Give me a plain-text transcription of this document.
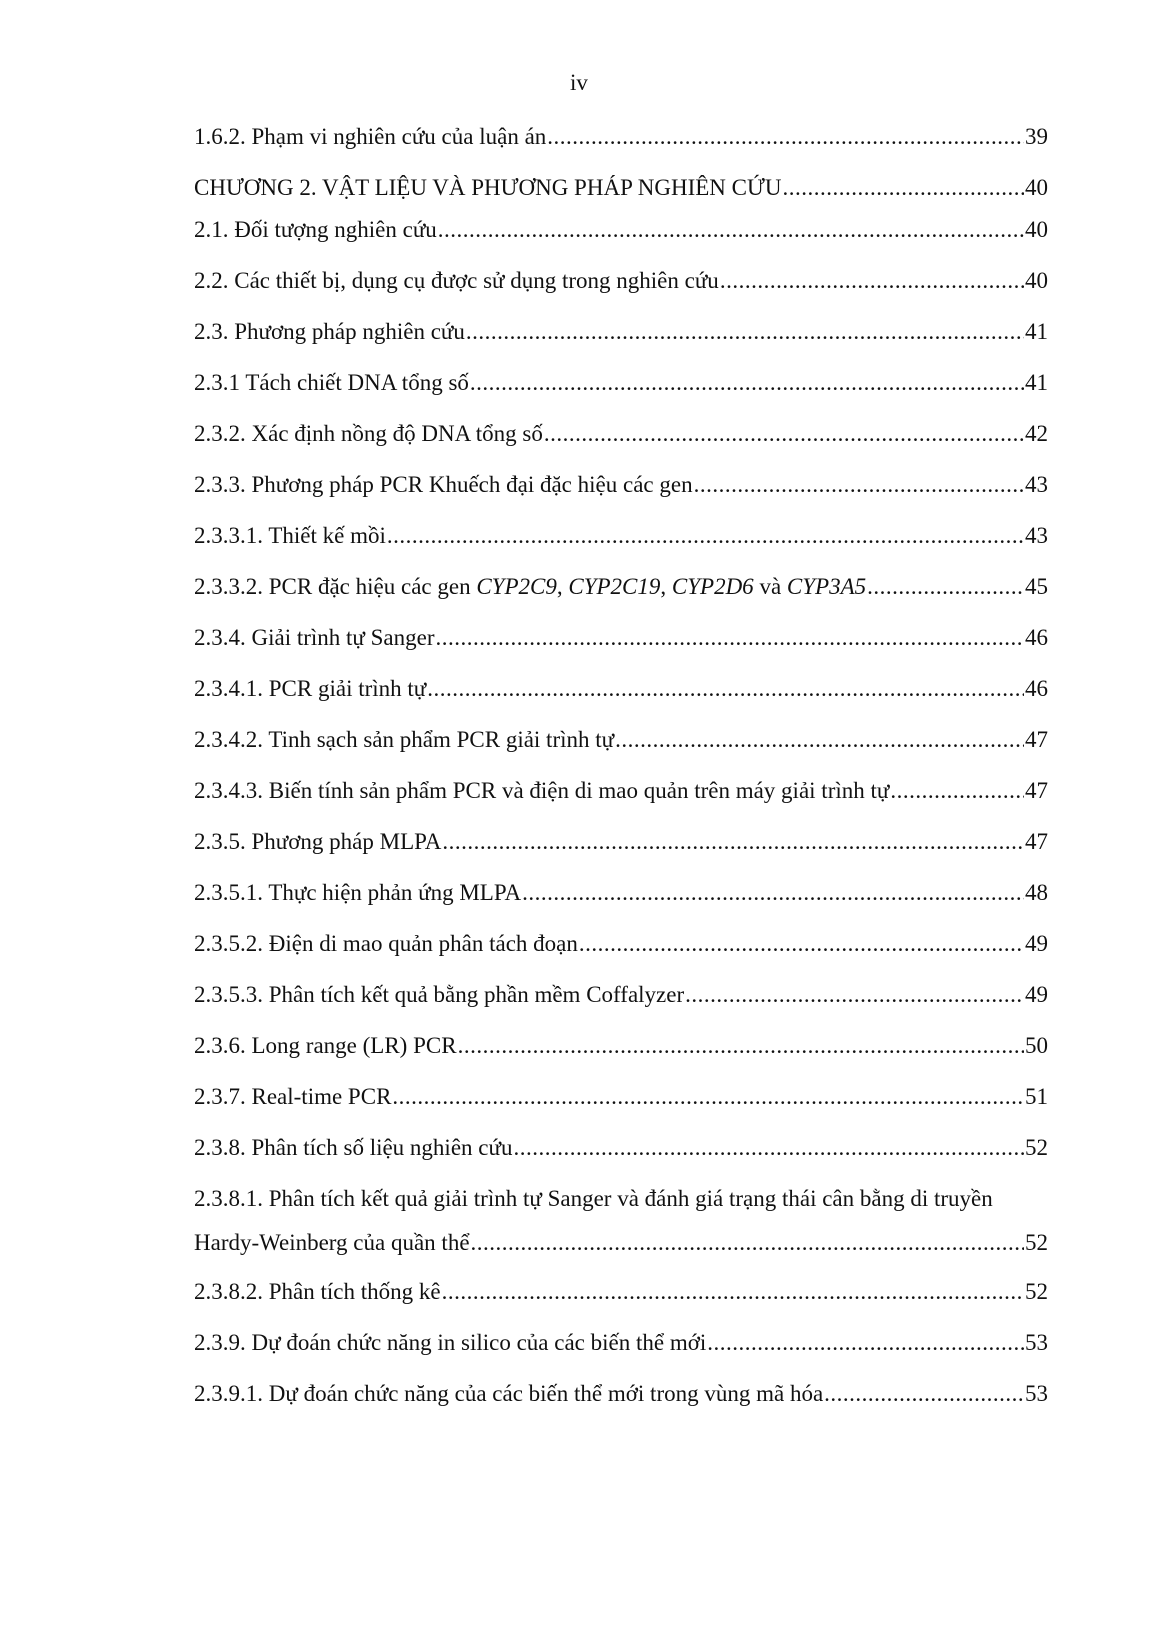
iv
1.6.2. Phạm vi nghiên cứu của luận án .....	39
CHƯƠNG 2. VẬT LIỆU VÀ PHƯƠNG PHÁP NGHIÊN CỨU .....	40
2.1. Đối tượng nghiên cứu .....	40
2.2. Các thiết bị, dụng cụ được sử dụng trong nghiên cứu .....	40
2.3. Phương pháp nghiên cứu .....	41
2.3.1 Tách chiết DNA tổng số .....	41
2.3.2. Xác định nồng độ DNA tổng số .....	42
2.3.3. Phương pháp PCR Khuếch đại đặc hiệu các gen .....	43
2.3.3.1. Thiết kế mồi .....	43
2.3.3.2. PCR đặc hiệu các gen CYP2C9, CYP2C19, CYP2D6 và CYP3A5 .....	45
2.3.4. Giải trình tự Sanger .....	46
2.3.4.1. PCR giải trình tự .....	46
2.3.4.2. Tinh sạch sản phẩm PCR giải trình tự .....	47
2.3.4.3. Biến tính sản phẩm PCR và điện di mao quản trên máy giải trình tự .....	47
2.3.5. Phương pháp MLPA .....	47
2.3.5.1. Thực hiện phản ứng MLPA .....	48
2.3.5.2. Điện di mao quản phân tách đoạn .....	49
2.3.5.3. Phân tích kết quả bằng phần mềm Coffalyzer .....	49
2.3.6. Long range (LR) PCR .....	50
2.3.7. Real-time PCR .....	51
2.3.8. Phân tích số liệu nghiên cứu .....	52
2.3.8.1. Phân tích kết quả giải trình tự Sanger và đánh giá trạng thái cân bằng di truyền
Hardy-Weinberg của quần thể .....	52
2.3.8.2. Phân tích thống kê .....	52
2.3.9. Dự đoán chức năng in silico của các biến thể mới .....	53
2.3.9.1. Dự đoán chức năng của các biến thể mới trong vùng mã hóa .....	53
